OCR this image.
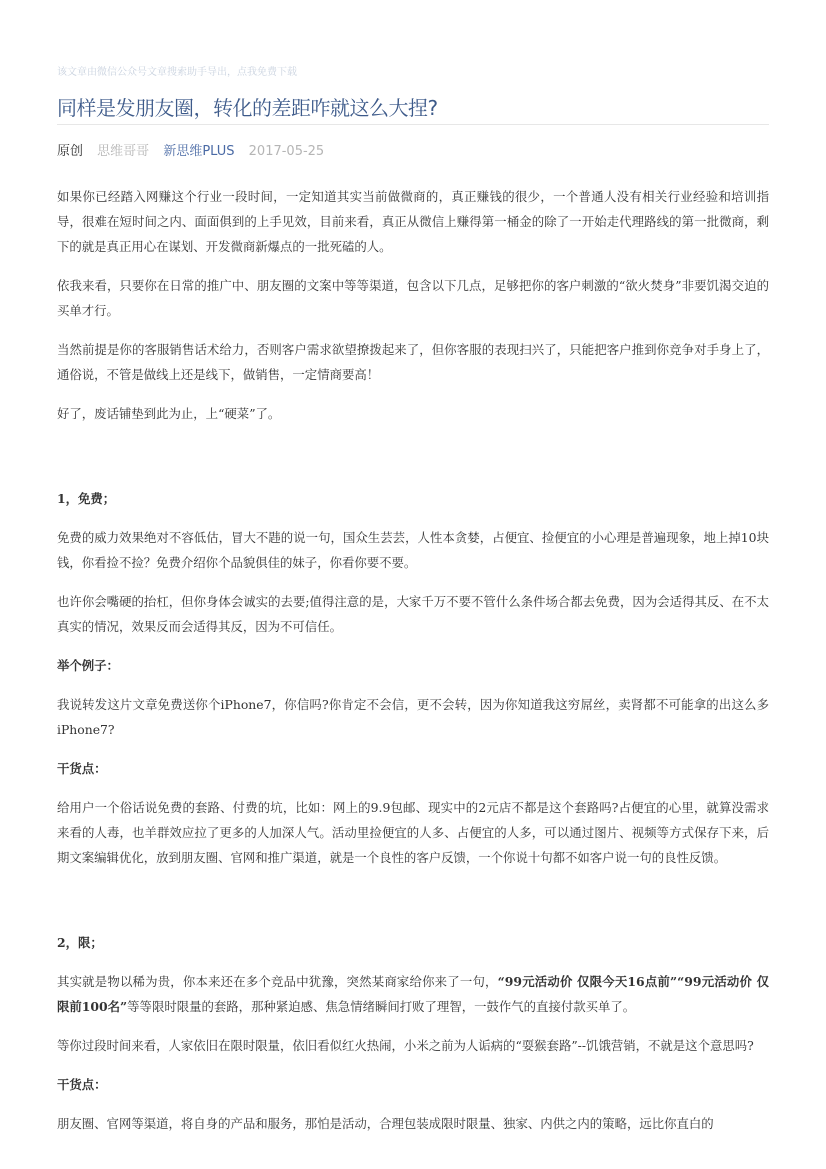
该文章由微信公众号文章搜索助手导出，点我免费下载
同样是发朋友圈，转化的差距咋就这么大捏?
原创 思维哥哥 新思维PLUS 2017-05-25

如果你已经踏入网赚这个行业一段时间，一定知道其实当前做微商的，真正赚钱的很少，一个普通人没有相关行业经验和培训指导，很难在短时间之内、面面俱到的上手见效，目前来看，真正从微信上赚得第一桶金的除了一开始走代理路线的第一批微商，剩下的就是真正用心在谋划、开发微商新爆点的一批死磕的人。

依我来看，只要你在日常的推广中、朋友圈的文案中等等渠道，包含以下几点，足够把你的客户刺激的“欲火焚身”非要饥渴交迫的买单才行。

当然前提是你的客服销售话术给力，否则客户需求欲望撩拨起来了，但你客服的表现扫兴了，只能把客户推到你竞争对手身上了，通俗说，不管是做线上还是线下，做销售，一定情商要高！

好了，废话铺垫到此为止，上“硬菜”了。

1，免费；

免费的威力效果绝对不容低估，冒大不韪的说一句，国众生芸芸，人性本贪婪，占便宜、捡便宜的小心理是普遍现象，地上掉10块钱，你看捡不捡？免费介绍你个品貌俱佳的妹子，你看你要不要。

也许你会嘴硬的抬杠，但你身体会诚实的去要;值得注意的是，大家千万不要不管什么条件场合都去免费，因为会适得其反、在不太真实的情况，效果反而会适得其反，因为不可信任。

举个例子：

我说转发这片文章免费送你个iPhone7，你信吗?你肯定不会信，更不会转，因为你知道我这穷屌丝，卖肾都不可能拿的出这么多iPhone7?

干货点：

给用户一个俗话说免费的套路、付费的坑，比如：网上的9.9包邮、现实中的2元店不都是这个套路吗?占便宜的心里，就算没需求来看的人毒，也羊群效应拉了更多的人加深人气。活动里捡便宜的人多、占便宜的人多，可以通过图片、视频等方式保存下来，后期文案编辑优化，放到朋友圈、官网和推广渠道，就是一个良性的客户反馈，一个你说十句都不如客户说一句的良性反馈。

2，限；

其实就是物以稀为贵，你本来还在多个竞品中犹豫，突然某商家给你来了一句，“99元活动价 仅限今天16点前”“99元活动价 仅限前100名”等等限时限量的套路，那种紧迫感、焦急情绪瞬间打败了理智，一鼓作气的直接付款买单了。

等你过段时间来看，人家依旧在限时限量，依旧看似红火热闹，小米之前为人诟病的“耍猴套路”--饥饿营销，不就是这个意思吗?

干货点：

朋友圈、官网等渠道，将自身的产品和服务，那怕是活动，合理包装成限时限量、独家、内供之内的策略，远比你直白的
